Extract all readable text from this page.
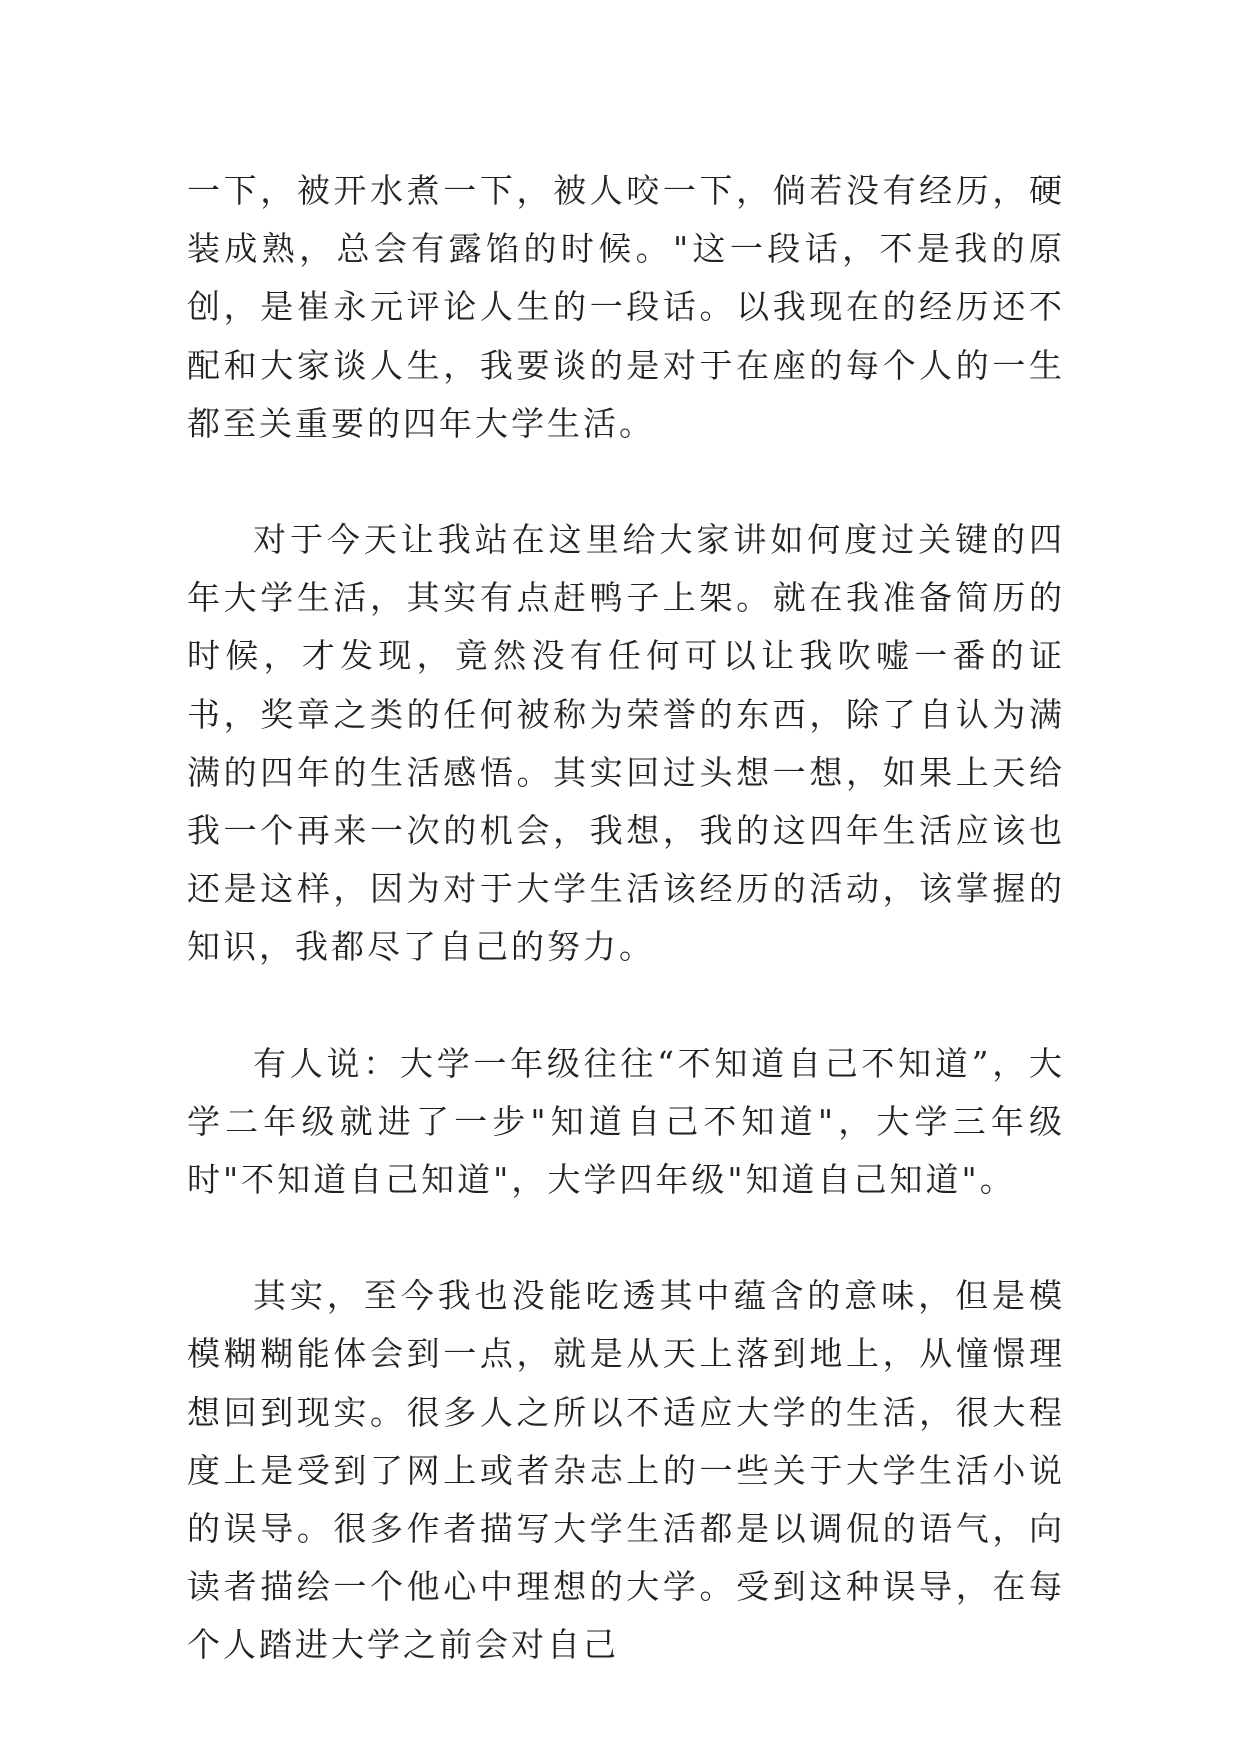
一下，被开水煮一下，被人咬一下，倘若没有经历，硬装成熟，总会有露馅的时候。"这一段话，不是我的原创，是崔永元评论人生的一段话。以我现在的经历还不配和大家谈人生，我要谈的是对于在座的每个人的一生都至关重要的四年大学生活。

对于今天让我站在这里给大家讲如何度过关键的四年大学生活，其实有点赶鸭子上架。就在我准备简历的时候，才发现，竟然没有任何可以让我吹嘘一番的证书，奖章之类的任何被称为荣誉的东西，除了自认为满满的四年的生活感悟。其实回过头想一想，如果上天给我一个再来一次的机会，我想，我的这四年生活应该也还是这样，因为对于大学生活该经历的活动，该掌握的知识，我都尽了自己的努力。

有人说：大学一年级往往“不知道自己不知道”，大学二年级就进了一步"知道自己不知道"，大学三年级时"不知道自己知道"，大学四年级"知道自己知道"。

其实，至今我也没能吃透其中蕴含的意味，但是模模糊糊能体会到一点，就是从天上落到地上，从憧憬理想回到现实。很多人之所以不适应大学的生活，很大程度上是受到了网上或者杂志上的一些关于大学生活小说的误导。很多作者描写大学生活都是以调侃的语气，向读者描绘一个他心中理想的大学。受到这种误导，在每个人踏进大学之前会对自己
